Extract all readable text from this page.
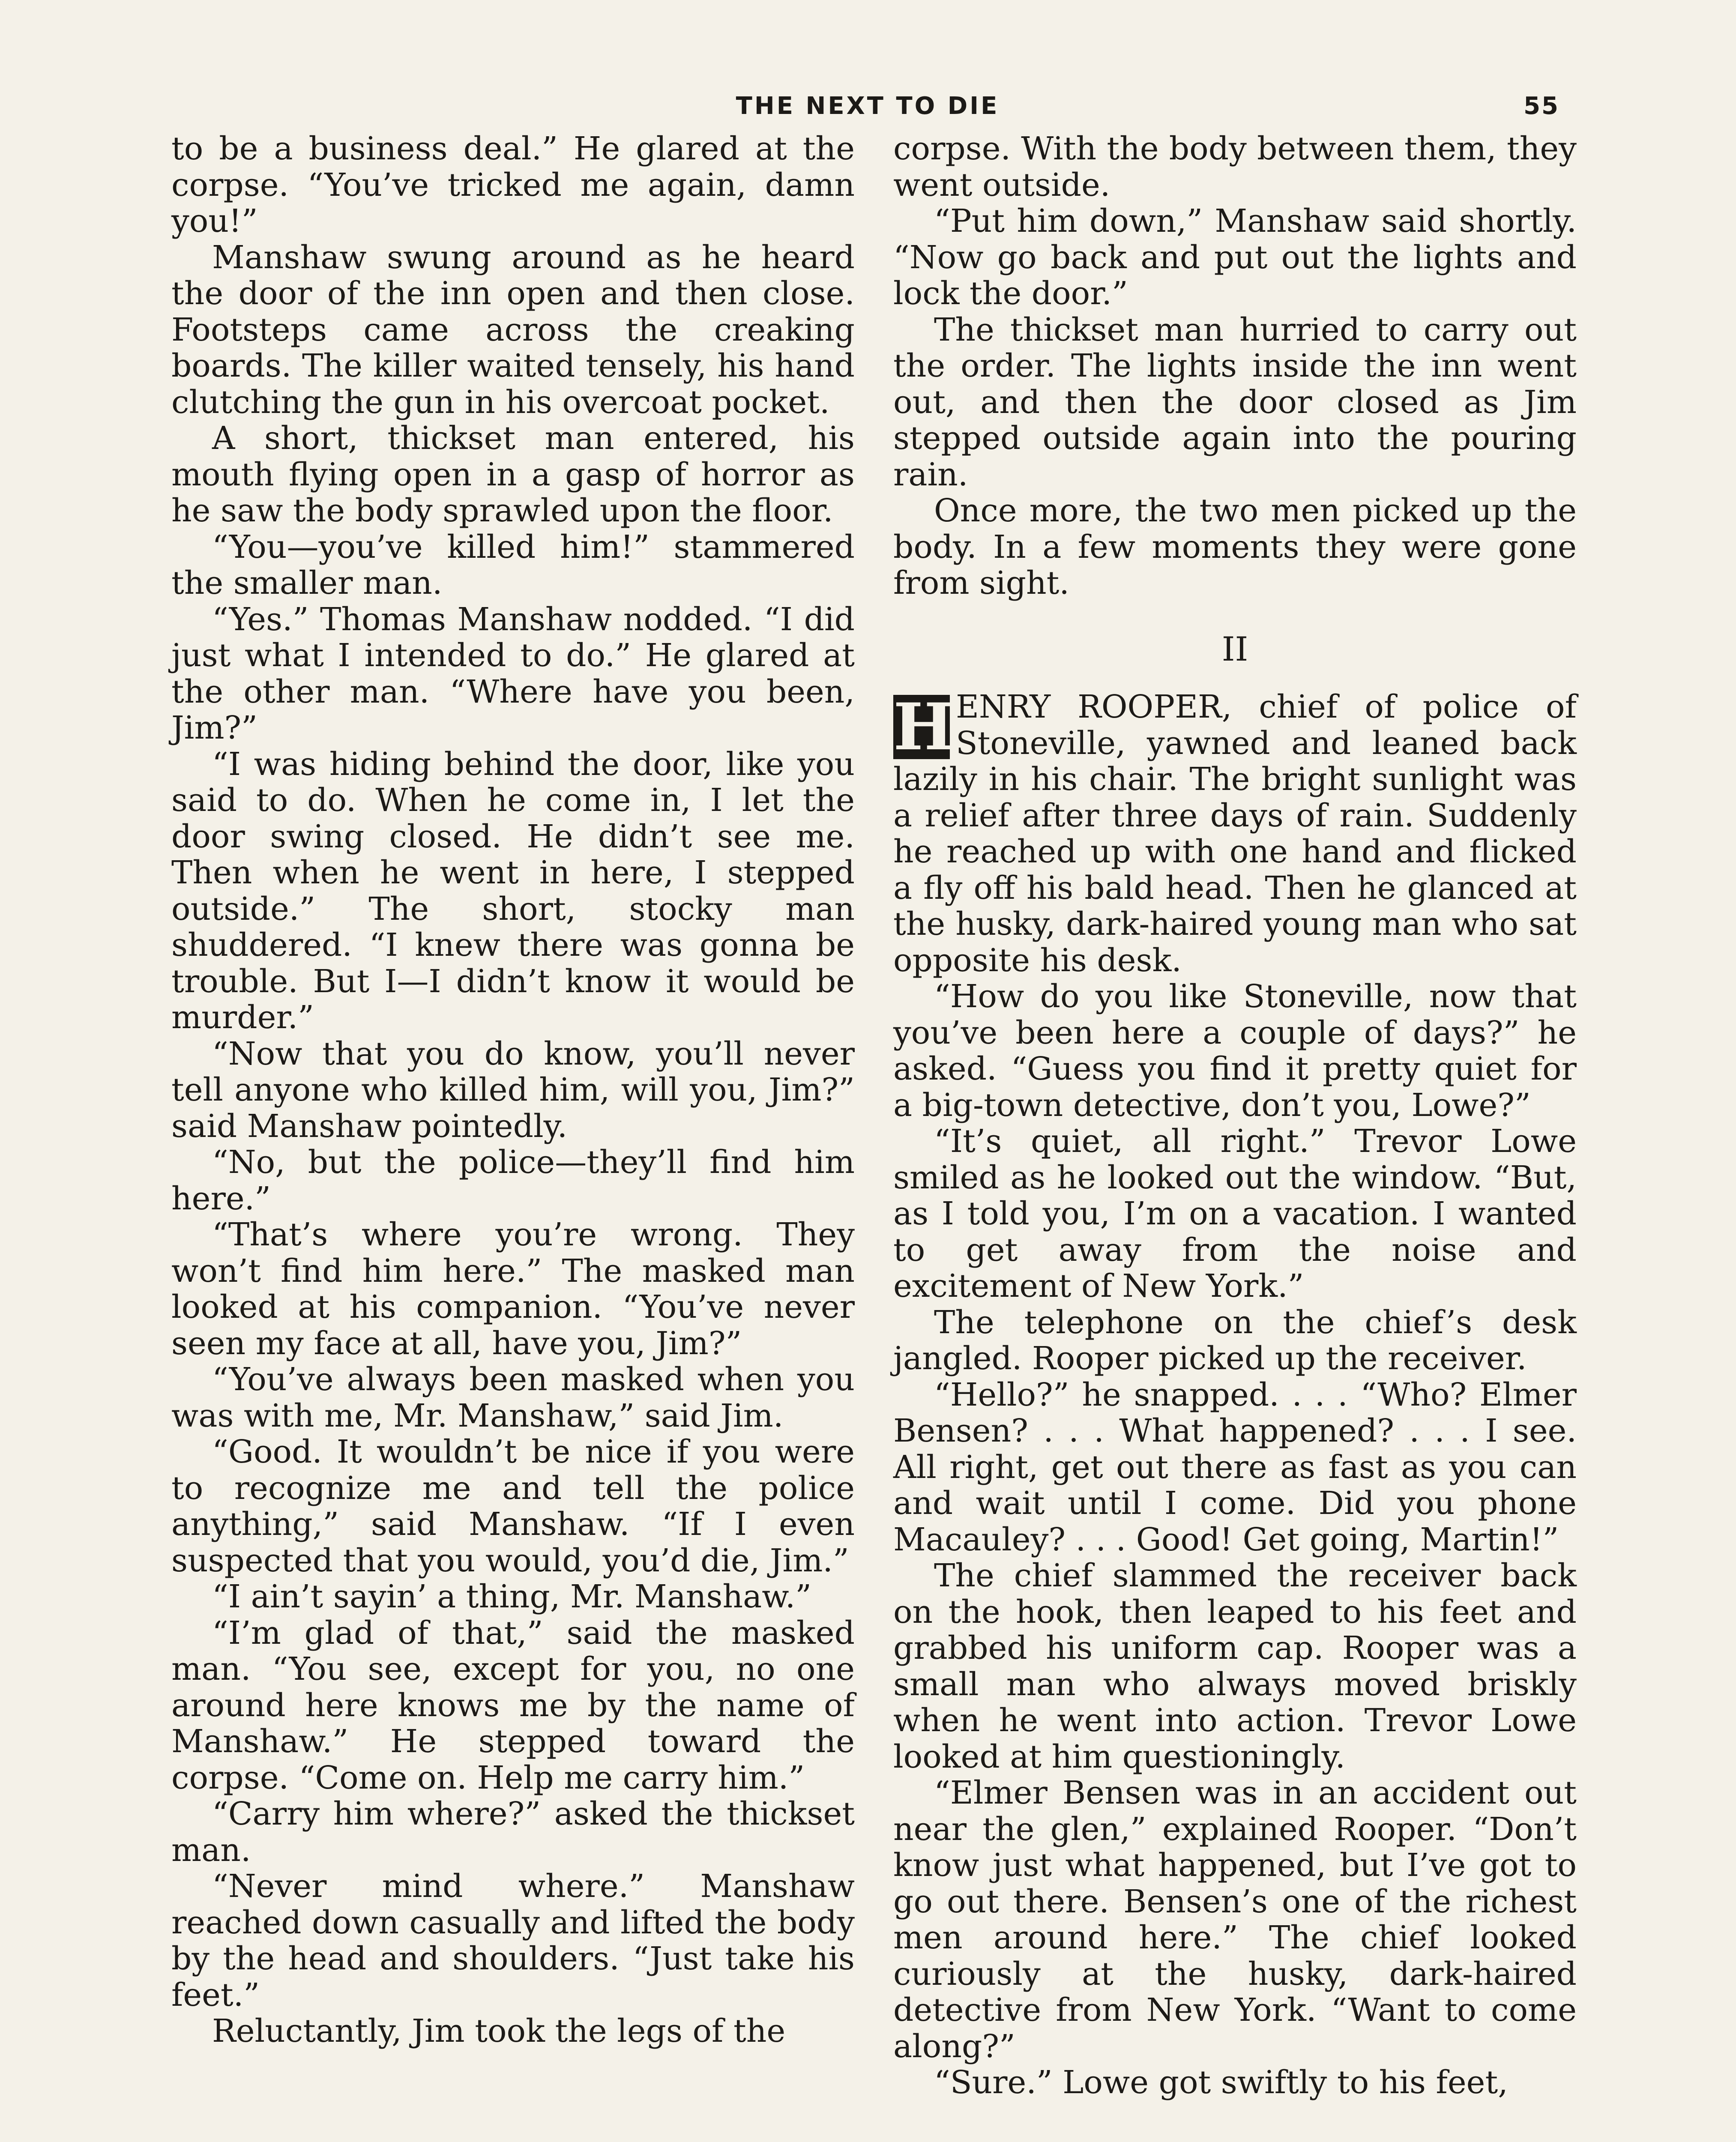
THE NEXT TO DIE	55

to be a business deal.” He glared at the corpse. “You’ve tricked me again, damn you!”

Manshaw swung around as he heard the door of the inn open and then close. Footsteps came across the creaking boards. The killer waited tensely, his hand clutching the gun in his overcoat pocket.

A short, thickset man entered, his mouth flying open in a gasp of horror as he saw the body sprawled upon the floor.

“You—you’ve killed him!” stammered the smaller man.

“Yes.” Thomas Manshaw nodded. “I did just what I intended to do.” He glared at the other man. “Where have you been, Jim?”

“I was hiding behind the door, like you said to do. When he come in, I let the door swing closed. He didn’t see me. Then when he went in here, I stepped outside.” The short, stocky man shuddered. “I knew there was gonna be trouble. But I—I didn’t know it would be murder.”

“Now that you do know, you’ll never tell anyone who killed him, will you, Jim?” said Manshaw pointedly.

“No, but the police—they’ll find him here.”

“That’s where you’re wrong. They won’t find him here.” The masked man looked at his companion. “You’ve never seen my face at all, have you, Jim?”

“You’ve always been masked when you was with me, Mr. Manshaw,” said Jim.

“Good. It wouldn’t be nice if you were to recognize me and tell the police anything,” said Manshaw. “If I even suspected that you would, you’d die, Jim.”

“I ain’t sayin’ a thing, Mr. Manshaw.”

“I’m glad of that,” said the masked man. “You see, except for you, no one around here knows me by the name of Manshaw.” He stepped toward the corpse. “Come on. Help me carry him.”

“Carry him where?” asked the thickset man.

“Never mind where.” Manshaw reached down casually and lifted the body by the head and shoulders. “Just take his feet.”

Reluctantly, Jim took the legs of the

corpse. With the body between them, they went outside.

“Put him down,” Manshaw said shortly. “Now go back and put out the lights and lock the door.”

The thickset man hurried to carry out the order. The lights inside the inn went out, and then the door closed as Jim stepped outside again into the pouring rain.

Once more, the two men picked up the body. In a few moments they were gone from sight.

II

H ENRY ROOPER, chief of police of Stoneville, yawned and leaned back lazily in his chair. The bright sunlight was a relief after three days of rain. Suddenly he reached up with one hand and flicked a fly off his bald head. Then he glanced at the husky, dark-haired young man who sat opposite his desk.

“How do you like Stoneville, now that you’ve been here a couple of days?” he asked. “Guess you find it pretty quiet for a big-town detective, don’t you, Lowe?”

“It’s quiet, all right.” Trevor Lowe smiled as he looked out the window. “But, as I told you, I’m on a vacation. I wanted to get away from the noise and excitement of New York.”

The telephone on the chief’s desk jangled. Rooper picked up the receiver.

“Hello?” he snapped. . . . “Who? Elmer Bensen? . . . What happened? . . . I see. All right, get out there as fast as you can and wait until I come. Did you phone Macauley? . . . Good! Get going, Martin!”

The chief slammed the receiver back on the hook, then leaped to his feet and grabbed his uniform cap. Rooper was a small man who always moved briskly when he went into action. Trevor Lowe looked at him questioningly.

“Elmer Bensen was in an accident out near the glen,” explained Rooper. “Don’t know just what happened, but I’ve got to go out there. Bensen’s one of the richest men around here.” The chief looked curiously at the husky, dark-haired detective from New York. “Want to come along?”

“Sure.” Lowe got swiftly to his feet,
